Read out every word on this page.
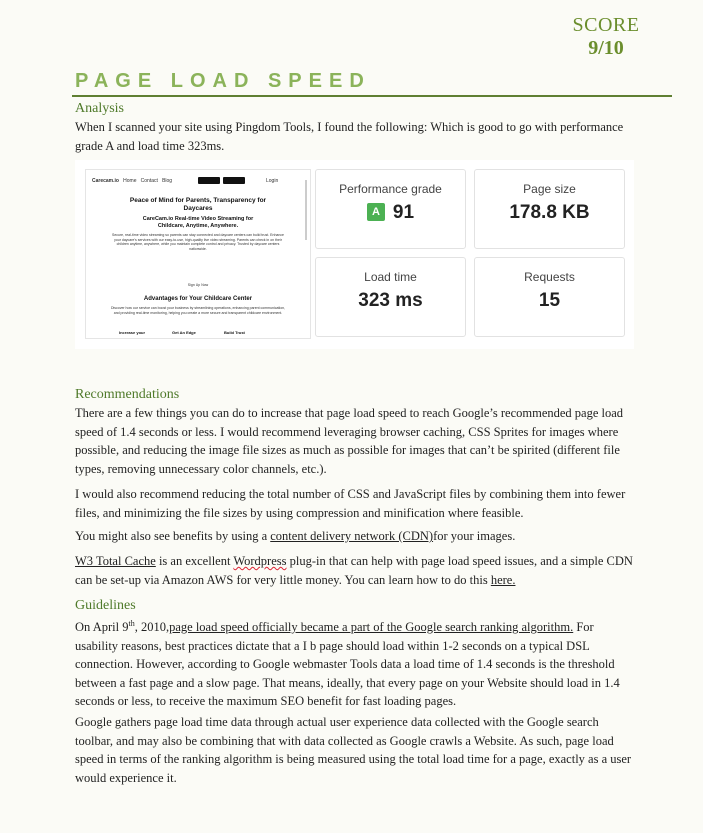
SCORE
9/10
PAGE LOAD SPEED
Analysis
When I scanned your site using Pingdom Tools, I found the following: Which is good to go with performance grade A and load time 323ms.
Carecam.io Home Contact Blog	Login
Peace of Mind for Parents, Transparency for Daycares
CareCam.io Real-time Video Streaming for Childcare, Anytime, Anywhere.
Secure, real-time video streaming so parents can stay connected and daycare centers can build trust. Enhance your daycare's services with our easy-to-use, high-quality live video streaming. Parents can check in on their children anytime, anywhere, while you maintain complete control and privacy. Trusted by daycare centers nationwide.
Sign Up Now
Advantages for Your Childcare Center
Discover how our service can boost your business by streamlining operations, enhancing parent communication, and providing real-time monitoring, helping you create a more secure and transparent childcare environment.
Increase your	Get An Edge	Build Trust
Performance grade
A 91
Page size
178.8 KB
Load time
323 ms
Requests
15
Recommendations
There are a few things you can do to increase that page load speed to reach Google’s recommended page load speed of 1.4 seconds or less. I would recommend leveraging browser caching, CSS Sprites for images where possible, and reducing the image file sizes as much as possible for images that can’t be spirited (different file types, removing unnecessary color channels, etc.).
I would also recommend reducing the total number of CSS and JavaScript files by combining them into fewer files, and minimizing the file sizes by using compression and minification where feasible.
You might also see benefits by using a content delivery network (CDN)for your images.
W3 Total Cache is an excellent Wordpress plug-in that can help with page load speed issues, and a simple CDN can be set-up via Amazon AWS for very little money. You can learn how to do this here.
Guidelines
On April 9th, 2010,page load speed officially became a part of the Google search ranking algorithm. For usability reasons, best practices dictate that a I b page should load within 1-2 seconds on a typical DSL connection. However, according to Google webmaster Tools data a load time of 1.4 seconds is the threshold between a fast page and a slow page. That means, ideally, that every page on your Website should load in 1.4 seconds or less, to receive the maximum SEO benefit for fast loading pages.
Google gathers page load time data through actual user experience data collected with the Google search toolbar, and may also be combining that with data collected as Google crawls a Website. As such, page load speed in terms of the ranking algorithm is being measured using the total load time for a page, exactly as a user would experience it.
